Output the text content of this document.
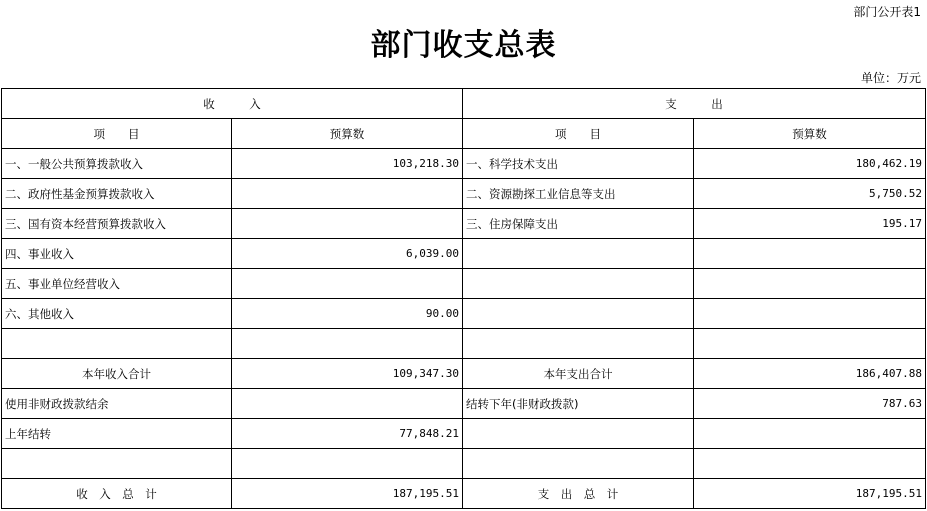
部门公开表1
部门收支总表
单位：万元
收　　　入		支　　　出	
项　　目	预算数	项　　目	预算数
一、一般公共预算拨款收入	103,218.30	一、科学技术支出	180,462.19
二、政府性基金预算拨款收入		二、资源勘探工业信息等支出	5,750.52
三、国有资本经营预算拨款收入		三、住房保障支出	195.17
四、事业收入	6,039.00		
五、事业单位经营收入			
六、其他收入	90.00		

本年收入合计	109,347.30	本年支出合计	186,407.88
使用非财政拨款结余		结转下年(非财政拨款)	787.63
上年结转	77,848.21		

收　入　总　计	187,195.51	支　出　总　计	187,195.51
